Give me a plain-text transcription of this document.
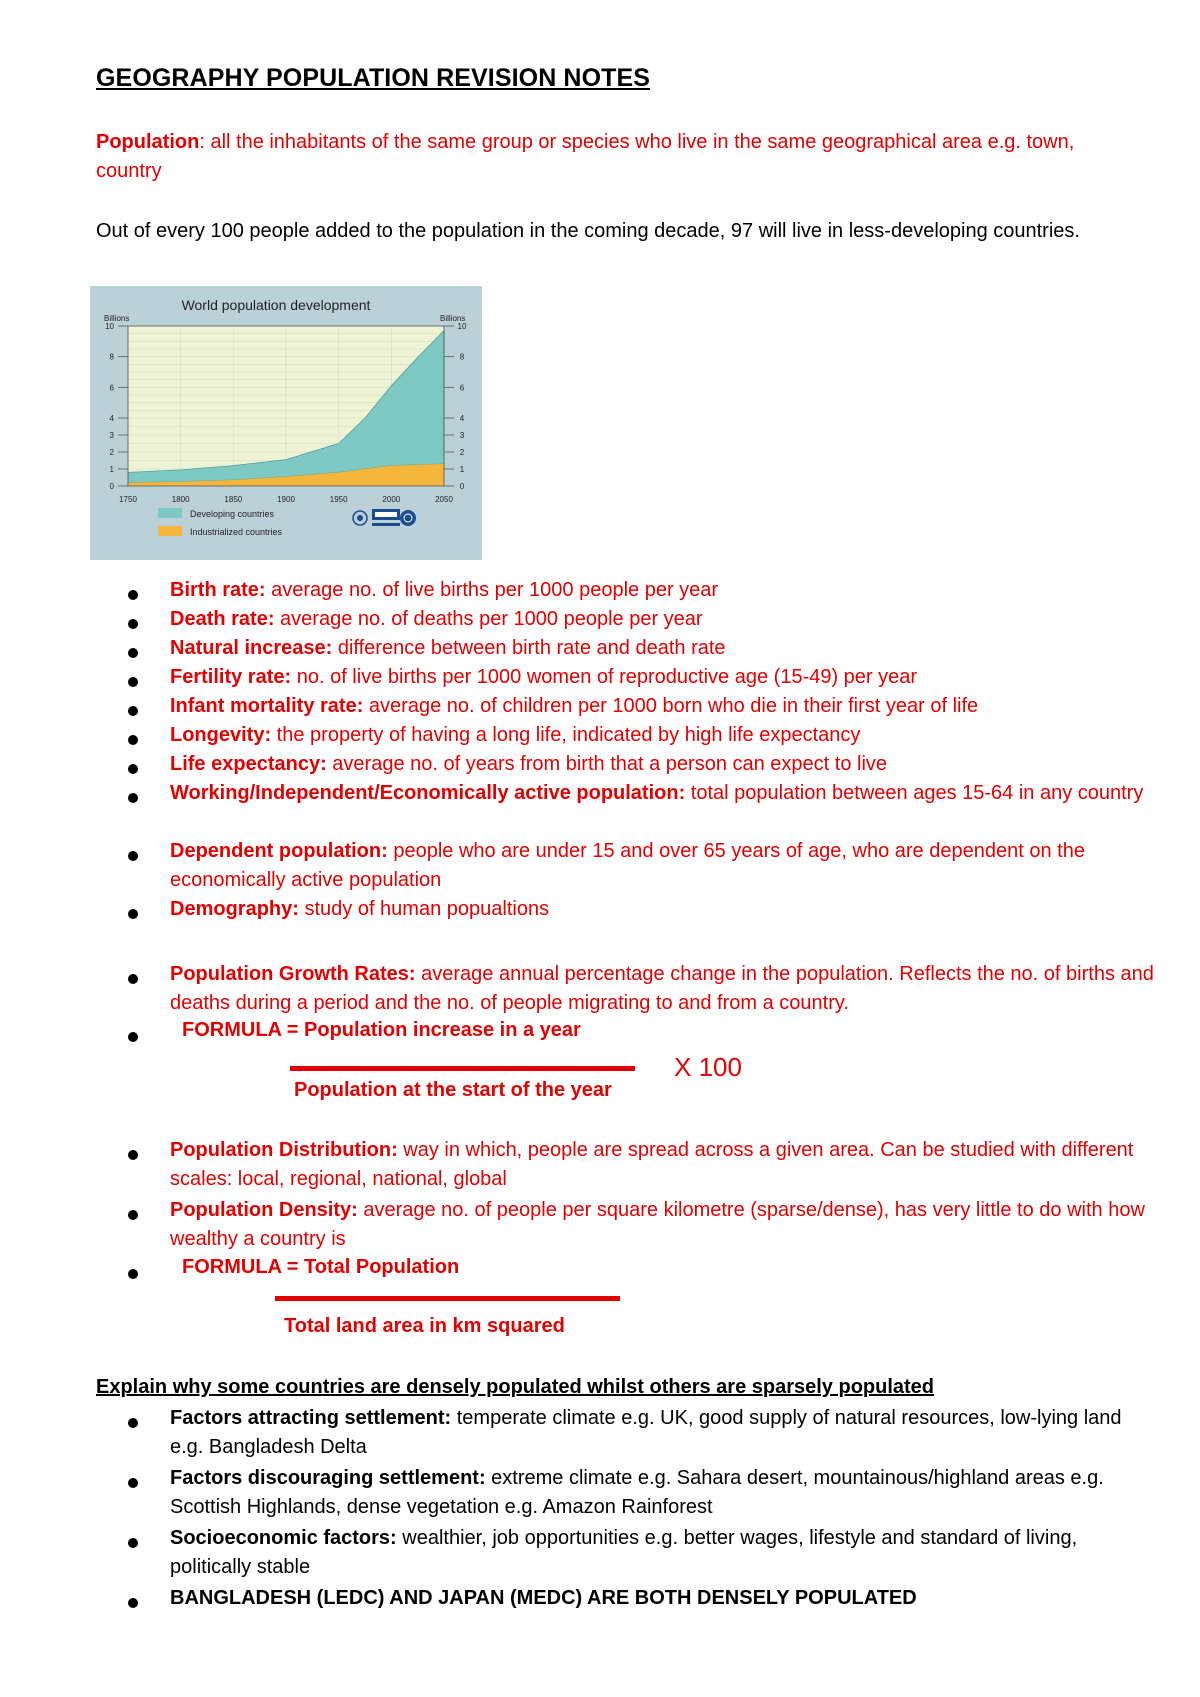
GEOGRAPHY POPULATION REVISION NOTES
Population: all the inhabitants of the same group or species who live in the same geographical area e.g. town, country
Out of every 100 people added to the population in the coming decade, 97 will live in less-developing countries.
World population development
Billions	Billions
1750	1800	1850	1900	1950	2000	2050
0
1
2
3
4
6
8
10
0
1
2
3
4
6
8
10
Developing countries
Industrialized countries
Birth rate: average no. of live births per 1000 people per year
Death rate: average no. of deaths per 1000 people per year
Natural increase: difference between birth rate and death rate
Fertility rate: no. of live births per 1000 women of reproductive age (15-49) per year
Infant mortality rate: average no. of children per 1000 born who die in their first year of life
Longevity: the property of having a long life, indicated by high life expectancy
Life expectancy: average no. of years from birth that a person can expect to live
Working/Independent/Economically active population: total population between ages 15-64 in any country
Dependent population: people who are under 15 and over 65 years of age, who are dependent on the economically active population
Demography: study of human popualtions
Population Growth Rates: average annual percentage change in the population. Reflects the no. of births and deaths during a period and the no. of people migrating to and from a country.
FORMULA = Population increase in a year
X 100
Population at the start of the year
Population Distribution: way in which, people are spread across a given area. Can be studied with different scales: local, regional, national, global
Population Density: average no. of people per square kilometre (sparse/dense), has very little to do with how wealthy a country is
FORMULA = Total Population
Total land area in km squared
Explain why some countries are densely populated whilst others are sparsely populated
Factors attracting settlement: temperate climate e.g. UK, good supply of natural resources, low-lying land e.g. Bangladesh Delta
Factors discouraging settlement: extreme climate e.g. Sahara desert, mountainous/highland areas e.g. Scottish Highlands, dense vegetation e.g. Amazon Rainforest
Socioeconomic factors: wealthier, job opportunities e.g. better wages, lifestyle and standard of living, politically stable
BANGLADESH (LEDC) AND JAPAN (MEDC) ARE BOTH DENSELY POPULATED
